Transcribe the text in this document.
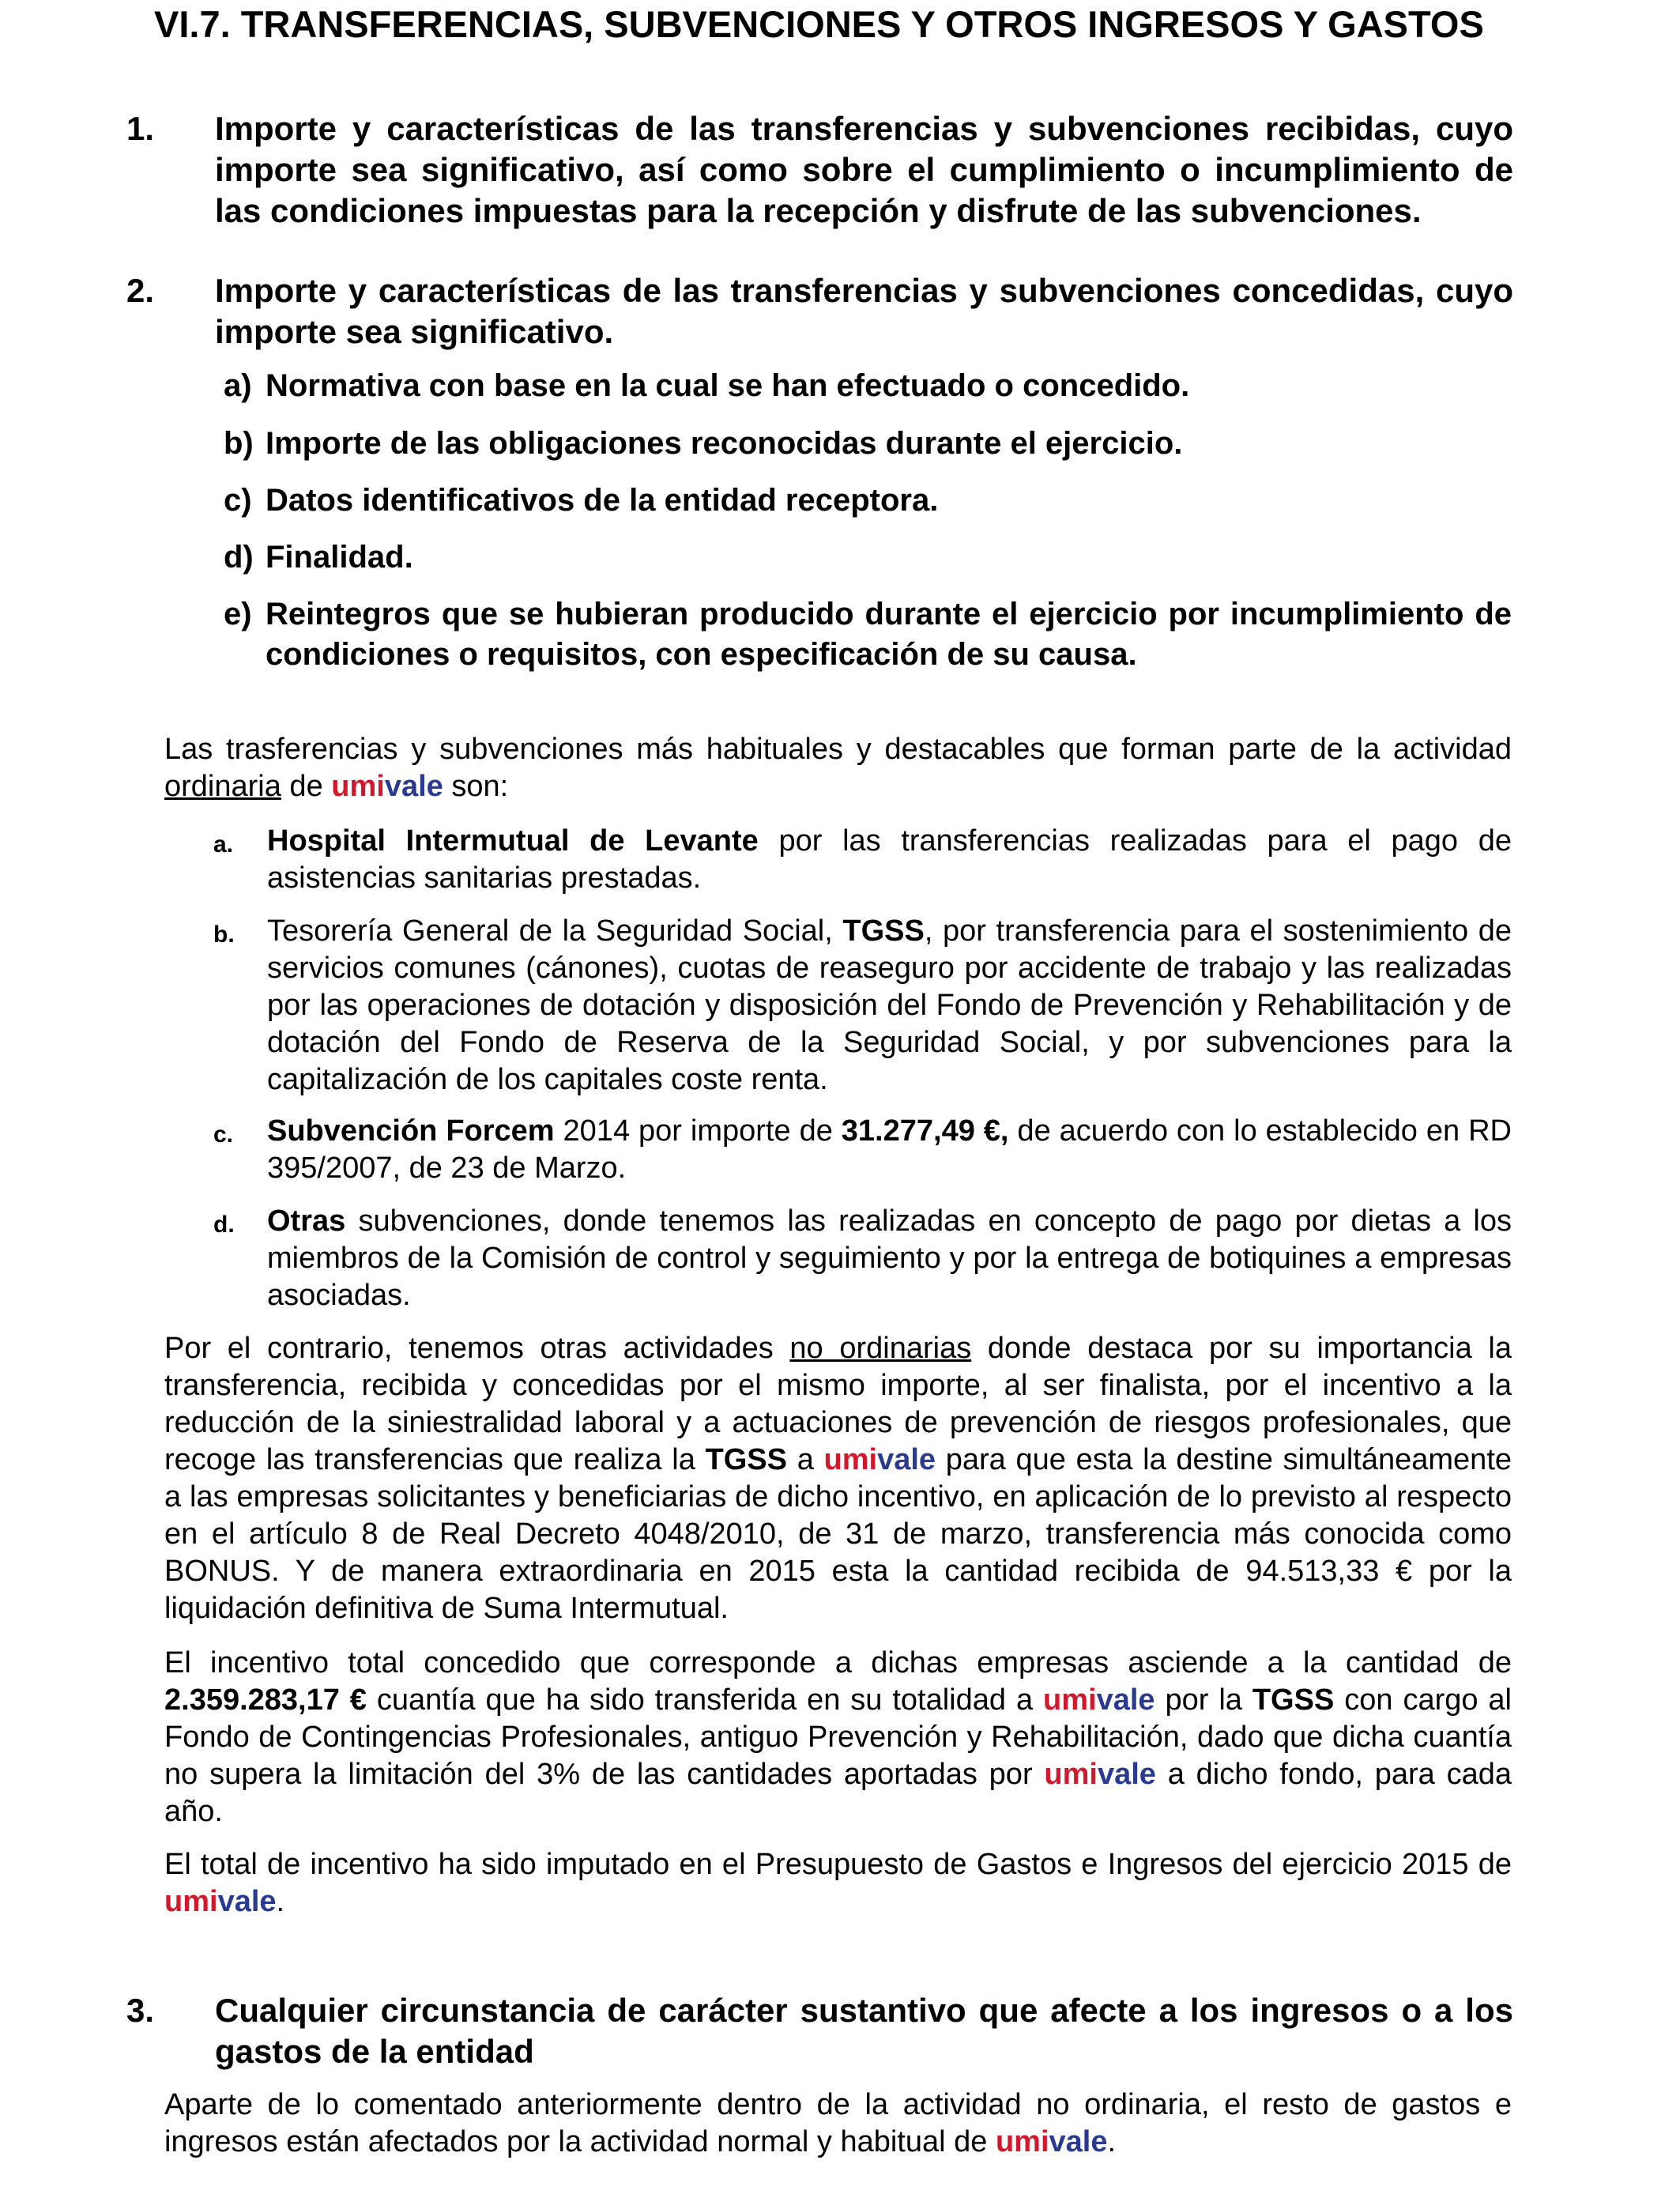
VI.7. TRANSFERENCIAS, SUBVENCIONES Y OTROS INGRESOS Y GASTOS
1. Importe y características de las transferencias y subvenciones recibidas, cuyo importe sea significativo, así como sobre el cumplimiento o incumplimiento de las condiciones impuestas para la recepción y disfrute de las subvenciones.
2. Importe y características de las transferencias y subvenciones concedidas, cuyo importe sea significativo.
a) Normativa con base en la cual se han efectuado o concedido.
b) Importe de las obligaciones reconocidas durante el ejercicio.
c) Datos identificativos de la entidad receptora.
d) Finalidad.
e) Reintegros que se hubieran producido durante el ejercicio por incumplimiento de condiciones o requisitos, con especificación de su causa.
Las trasferencias y subvenciones más habituales y destacables que forman parte de la actividad ordinaria de umivale son:
a. Hospital Intermutual de Levante por las transferencias realizadas para el pago de asistencias sanitarias prestadas.
b. Tesorería General de la Seguridad Social, TGSS, por transferencia para el sostenimiento de servicios comunes (cánones), cuotas de reaseguro por accidente de trabajo y las realizadas por las operaciones de dotación y disposición del Fondo de Prevención y Rehabilitación y de dotación del Fondo de Reserva de la Seguridad Social, y por subvenciones para la capitalización de los capitales coste renta.
c. Subvención Forcem 2014 por importe de 31.277,49 €, de acuerdo con lo establecido en RD 395/2007, de 23 de Marzo.
d. Otras subvenciones, donde tenemos las realizadas en concepto de pago por dietas a los miembros de la Comisión de control y seguimiento y por la entrega de botiquines a empresas asociadas.
Por el contrario, tenemos otras actividades no ordinarias donde destaca por su importancia la transferencia, recibida y concedidas por el mismo importe, al ser finalista, por el incentivo a la reducción de la siniestralidad laboral y a actuaciones de prevención de riesgos profesionales, que recoge las transferencias que realiza la TGSS a umivale para que esta la destine simultáneamente a las empresas solicitantes y beneficiarias de dicho incentivo, en aplicación de lo previsto al respecto en el artículo 8 de Real Decreto 4048/2010, de 31 de marzo, transferencia más conocida como BONUS. Y de manera extraordinaria en 2015 esta la cantidad recibida de 94.513,33 € por la liquidación definitiva de Suma Intermutual.
El incentivo total concedido que corresponde a dichas empresas asciende a la cantidad de 2.359.283,17 € cuantía que ha sido transferida en su totalidad a umivale por la TGSS con cargo al Fondo de Contingencias Profesionales, antiguo Prevención y Rehabilitación, dado que dicha cuantía no supera la limitación del 3% de las cantidades aportadas por umivale a dicho fondo, para cada año.
El total de incentivo ha sido imputado en el Presupuesto de Gastos e Ingresos del ejercicio 2015 de umivale.
3. Cualquier circunstancia de carácter sustantivo que afecte a los ingresos o a los gastos de la entidad
Aparte de lo comentado anteriormente dentro de la actividad no ordinaria, el resto de gastos e ingresos están afectados por la actividad normal y habitual de umivale.
